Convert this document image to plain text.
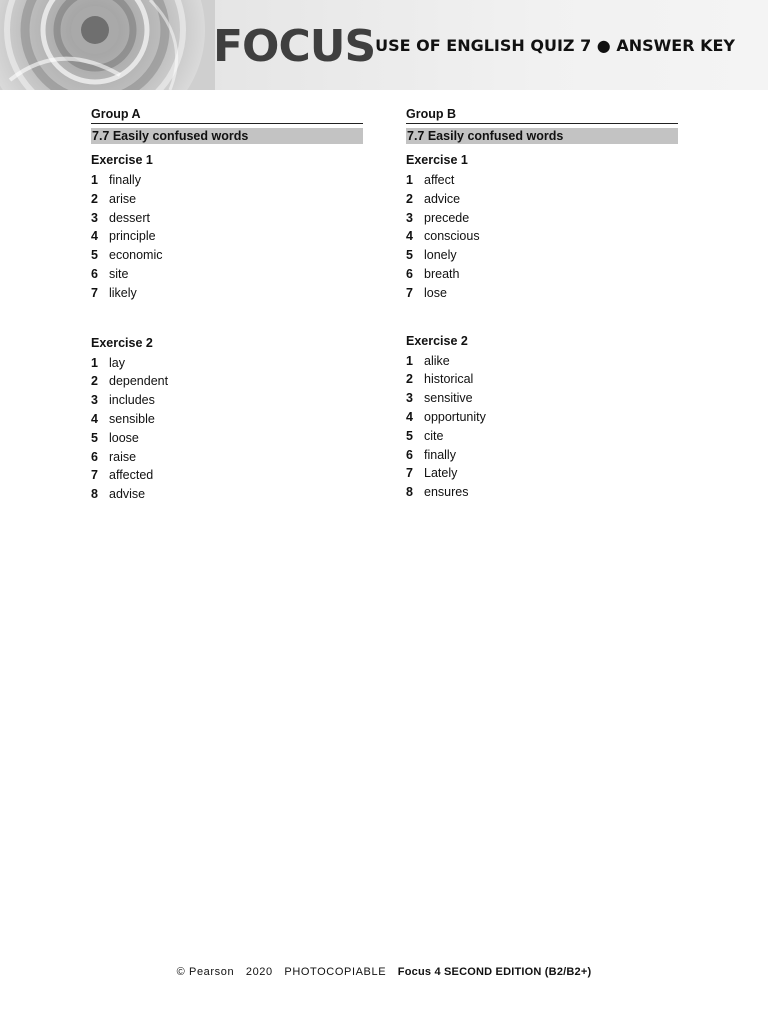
FOCUS USE OF ENGLISH QUIZ 7 ● ANSWER KEY
Group A
7.7 Easily confused words
Exercise 1
1 finally
2 arise
3 dessert
4 principle
5 economic
6 site
7 likely
Exercise 2
1 lay
2 dependent
3 includes
4 sensible
5 loose
6 raise
7 affected
8 advise
Group B
7.7 Easily confused words
Exercise 1
1 affect
2 advice
3 precede
4 conscious
5 lonely
6 breath
7 lose
Exercise 2
1 alike
2 historical
3 sensitive
4 opportunity
5 cite
6 finally
7 Lately
8 ensures
© Pearson 2020 PHOTOCOPIABLE Focus 4 SECOND EDITION (B2/B2+)
